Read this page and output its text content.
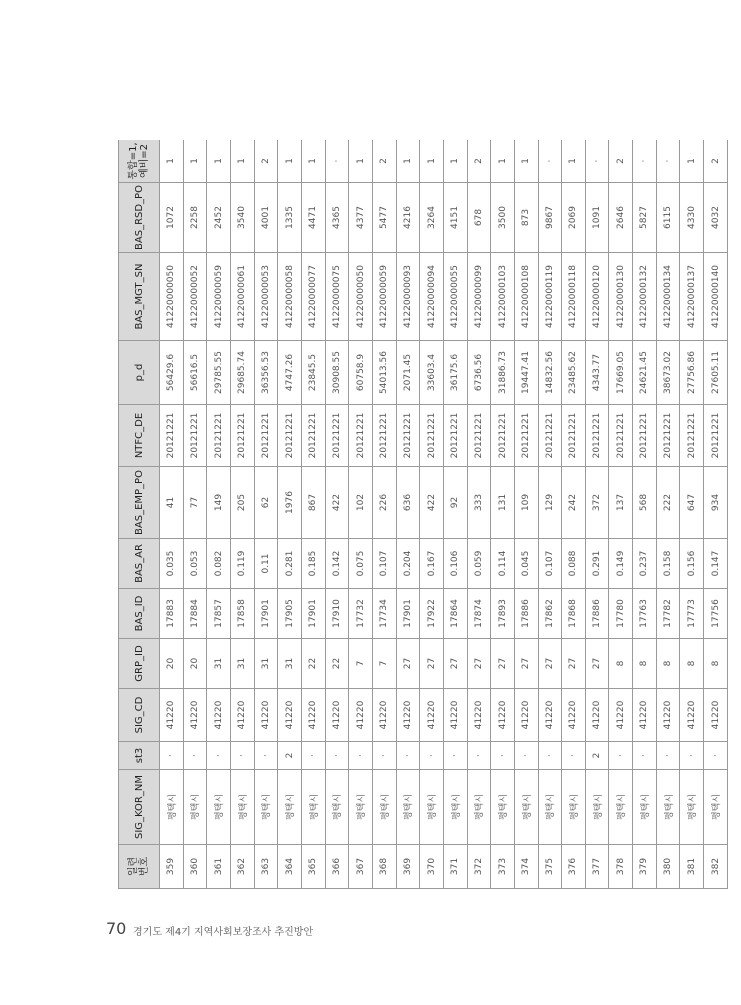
일련
번호	SIG_KOR_NM	st3	SIG_CD	GRP_ID	BAS_ID	BAS_AR	BAS_EMP_PO	NTFC_DE	p_d	BAS_MGT_SN	BAS_RSD_PO	통합=1,
예비=2
359	평택시	·	41220	20	17883	0.035	41	20121221	56429.6	41220000050	1072	1
360	평택시	·	41220	20	17884	0.053	77	20121221	56616.5	41220000052	2258	1
361	평택시	·	41220	31	17857	0.082	149	20121221	29785.55	41220000059	2452	1
362	평택시	·	41220	31	17858	0.119	205	20121221	29685.74	41220000061	3540	1
363	평택시	·	41220	31	17901	0.11	62	20121221	36356.53	41220000053	4001	2
364	평택시	2	41220	31	17905	0.281	1976	20121221	4747.26	41220000058	1335	1
365	평택시	·	41220	22	17901	0.185	867	20121221	23845.5	41220000077	4471	1
366	평택시	·	41220	22	17910	0.142	422	20121221	30908.55	41220000075	4365	·
367	평택시	·	41220	7	17732	0.075	102	20121221	60758.9	41220000050	4377	1
368	평택시	·	41220	7	17734	0.107	226	20121221	54013.56	41220000059	5477	2
369	평택시	·	41220	27	17901	0.204	636	20121221	2071.45	41220000093	4216	1
370	평택시	·	41220	27	17922	0.167	422	20121221	33603.4	41220000094	3264	1
371	평택시	·	41220	27	17864	0.106	92	20121221	36175.6	41220000055	4151	1
372	평택시	·	41220	27	17874	0.059	333	20121221	6736.56	41220000099	678	2
373	평택시	·	41220	27	17893	0.114	131	20121221	31886.73	41220000103	3500	1
374	평택시	·	41220	27	17886	0.045	109	20121221	19447.41	41220000108	873	1
375	평택시	·	41220	27	17862	0.107	129	20121221	14832.56	41220000119	9867	·
376	평택시	·	41220	27	17868	0.088	242	20121221	23485.62	41220000118	2069	1
377	평택시	2	41220	27	17886	0.291	372	20121221	4343.77	41220000120	1091	·
378	평택시	·	41220	8	17780	0.149	137	20121221	17669.05	41220000130	2646	2
379	평택시	·	41220	8	17763	0.237	568	20121221	24621.45	41220000132	5827	·
380	평택시	·	41220	8	17782	0.158	222	20121221	38673.02	41220000134	6115	·
381	평택시	·	41220	8	17773	0.156	647	20121221	27756.86	41220000137	4330	1
382	평택시	·	41220	8	17756	0.147	934	20121221	27605.11	41220000140	4032	2
70 경기도 제4기 지역사회보장조사 추진방안
